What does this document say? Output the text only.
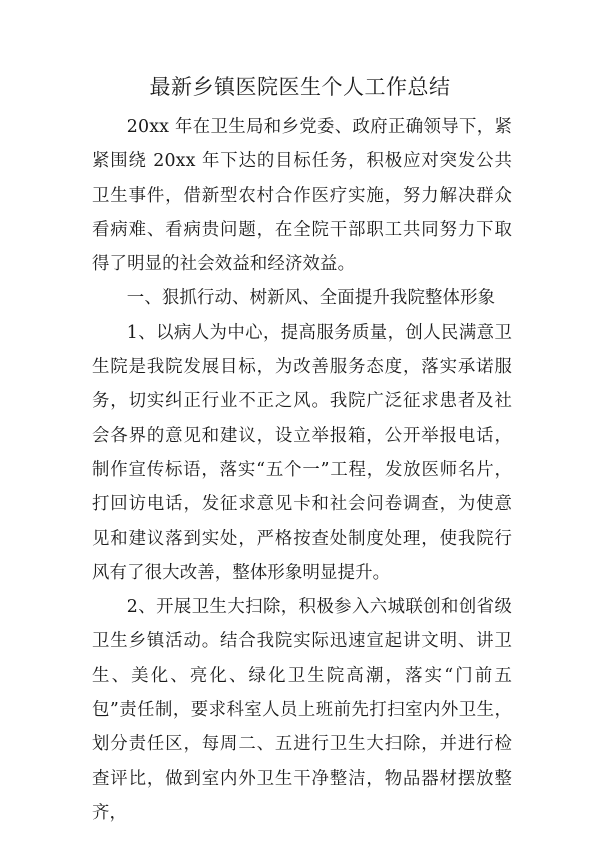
最新乡镇医院医生个人工作总结

20xx 年在卫生局和乡党委、政府正确领导下，紧紧围绕 20xx 年下达的目标任务，积极应对突发公共卫生事件，借新型农村合作医疗实施，努力解决群众看病难、看病贵问题，在全院干部职工共同努力下取得了明显的社会效益和经济效益。

一、狠抓行动、树新风、全面提升我院整体形象

1、以病人为中心，提高服务质量，创人民满意卫生院是我院发展目标，为改善服务态度，落实承诺服务，切实纠正行业不正之风。我院广泛征求患者及社会各界的意见和建议，设立举报箱，公开举报电话，制作宣传标语，落实“五个一”工程，发放医师名片，打回访电话，发征求意见卡和社会问卷调查，为使意见和建议落到实处，严格按查处制度处理，使我院行风有了很大改善，整体形象明显提升。

2、开展卫生大扫除，积极参入六城联创和创省级卫生乡镇活动。结合我院实际迅速宣起讲文明、讲卫生、美化、亮化、绿化卫生院高潮，落实“门前五包”责任制，要求科室人员上班前先打扫室内外卫生，划分责任区，每周二、五进行卫生大扫除，并进行检查评比，做到室内外卫生干净整洁，物品器材摆放整齐，
